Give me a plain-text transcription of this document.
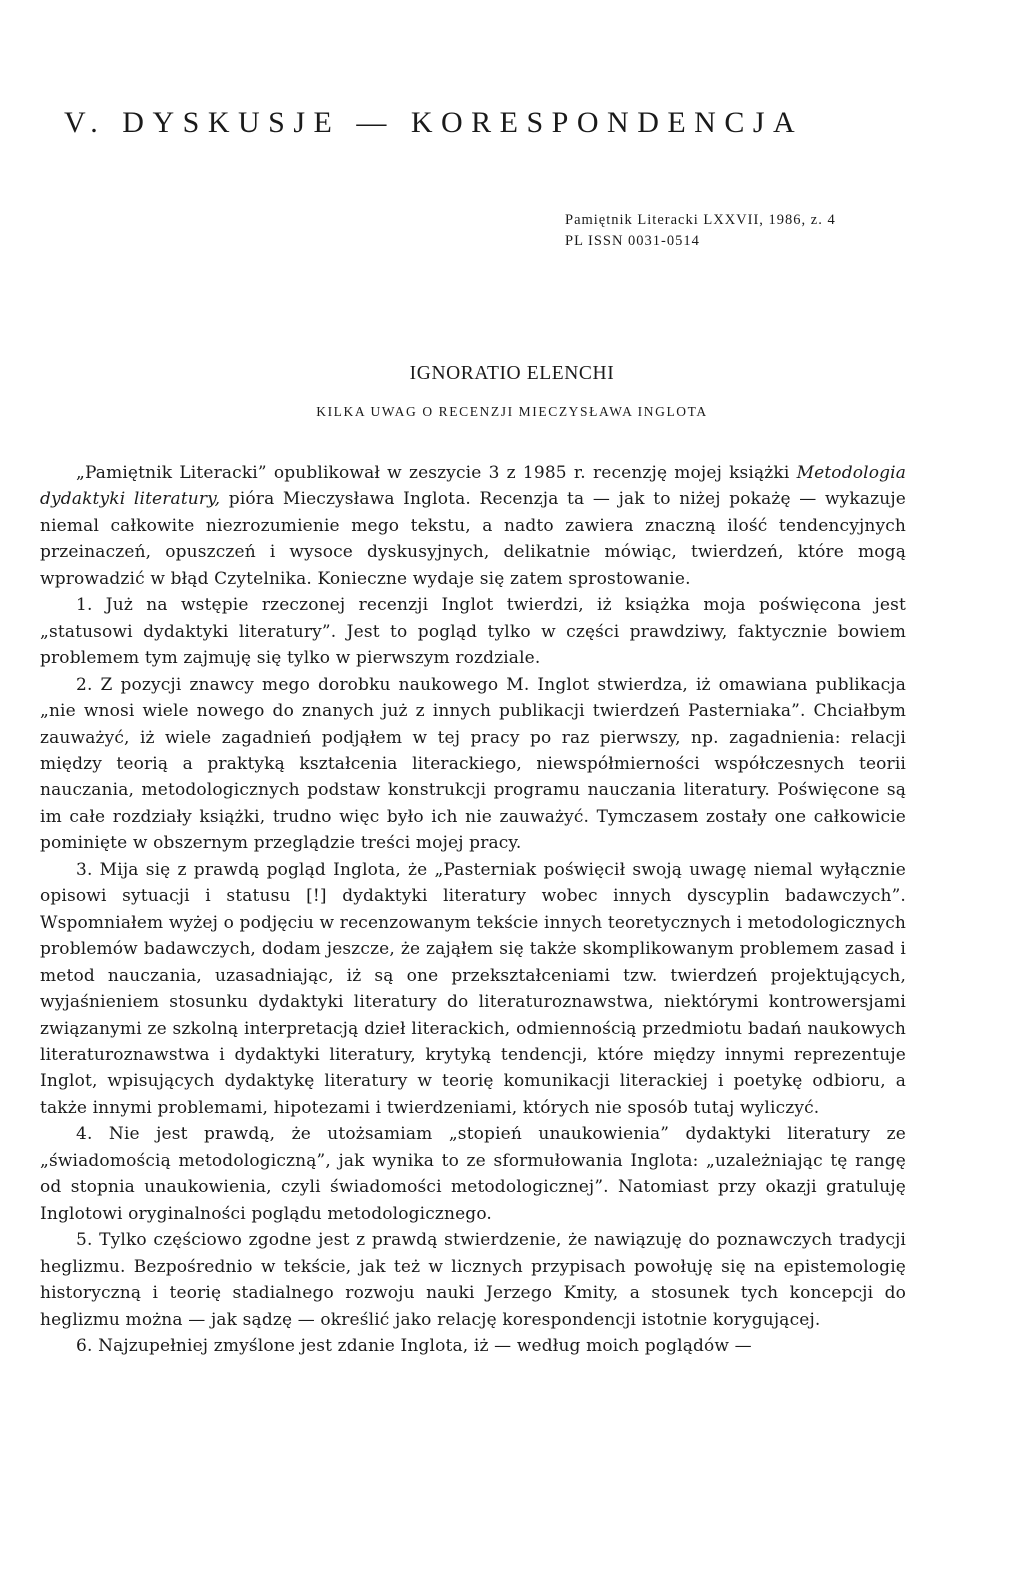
V. DYSKUSJE — KORESPONDENCJA
Pamiętnik Literacki LXXVII, 1986, z. 4
PL ISSN 0031-0514
IGNORATIO ELENCHI
KILKA UWAG O RECENZJI MIECZYSŁAWA INGLOTA

„Pamiętnik Literacki” opublikował w zeszycie 3 z 1985 r. recenzję mojej książki Metodologia dydaktyki literatury, pióra Mieczysława Inglota. Recenzja ta — jak to niżej pokażę — wykazuje niemal całkowite niezrozumienie mego tekstu, a nadto zawiera znaczną ilość tendencyjnych przeinaczeń, opuszczeń i wysoce dyskusyjnych, delikatnie mówiąc, twierdzeń, które mogą wprowadzić w błąd Czytelnika. Konieczne wydaje się zatem sprostowanie.

1. Już na wstępie rzeczonej recenzji Inglot twierdzi, iż książka moja poświęcona jest „statusowi dydaktyki literatury”. Jest to pogląd tylko w części prawdziwy, faktycznie bowiem problemem tym zajmuję się tylko w pierwszym rozdziale.

2. Z pozycji znawcy mego dorobku naukowego M. Inglot stwierdza, iż omawiana publikacja „nie wnosi wiele nowego do znanych już z innych publikacji twierdzeń Pasterniaka”. Chciałbym zauważyć, iż wiele zagadnień podjąłem w tej pracy po raz pierwszy, np. zagadnienia: relacji między teorią a praktyką kształcenia literackiego, niewspółmierności współczesnych teorii nauczania, metodologicznych podstaw konstrukcji programu nauczania literatury. Poświęcone są im całe rozdziały książki, trudno więc było ich nie zauważyć. Tymczasem zostały one całkowicie pominięte w obszernym przeglądzie treści mojej pracy.

3. Mija się z prawdą pogląd Inglota, że „Pasterniak poświęcił swoją uwagę niemal wyłącznie opisowi sytuacji i statusu [!] dydaktyki literatury wobec innych dyscyplin badawczych”. Wspomniałem wyżej o podjęciu w recenzowanym tekście innych teoretycznych i metodologicznych problemów badawczych, dodam jeszcze, że zająłem się także skomplikowanym problemem zasad i metod nauczania, uzasadniając, iż są one przekształceniami tzw. twierdzeń projektujących, wyjaśnieniem stosunku dydaktyki literatury do literaturoznawstwa, niektórymi kontrowersjami związanymi ze szkolną interpretacją dzieł literackich, odmiennością przedmiotu badań naukowych literaturoznawstwa i dydaktyki literatury, krytyką tendencji, które między innymi reprezentuje Inglot, wpisujących dydaktykę literatury w teorię komunikacji literackiej i poetykę odbioru, a także innymi problemami, hipotezami i twierdzeniami, których nie sposób tutaj wyliczyć.

4. Nie jest prawdą, że utożsamiam „stopień unaukowienia” dydaktyki literatury ze „świadomością metodologiczną”, jak wynika to ze sformułowania Inglota: „uzależniając tę rangę od stopnia unaukowienia, czyli świadomości metodologicznej”. Natomiast przy okazji gratuluję Inglotowi oryginalności poglądu metodologicznego.

5. Tylko częściowo zgodne jest z prawdą stwierdzenie, że nawiązuję do poznawczych tradycji heglizmu. Bezpośrednio w tekście, jak też w licznych przypisach powołuję się na epistemologię historyczną i teorię stadialnego rozwoju nauki Jerzego Kmity, a stosunek tych koncepcji do heglizmu można — jak sądzę — określić jako relację korespondencji istotnie korygującej.

6. Najzupełniej zmyślone jest zdanie Inglota, iż — według moich poglądów —
